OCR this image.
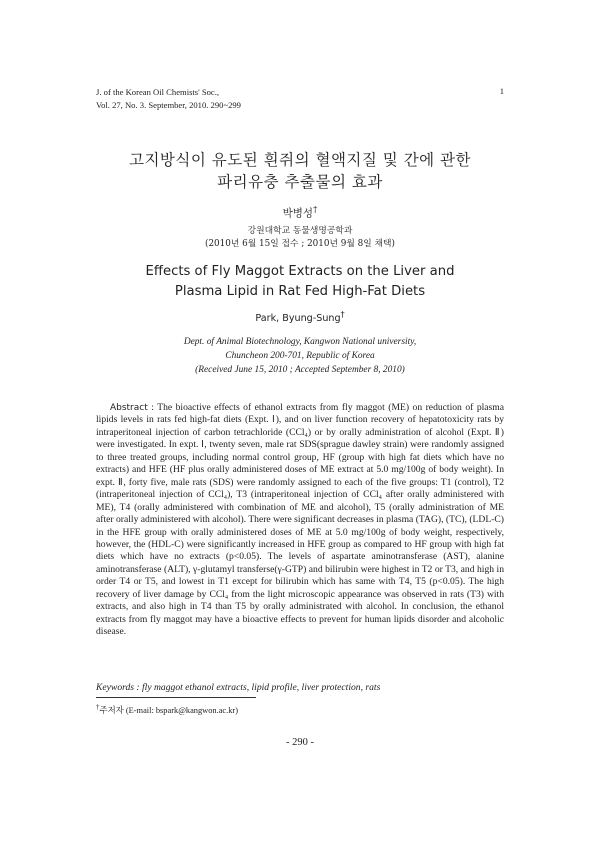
J. of the Korean Oil Chemists' Soc.,
Vol. 27, No. 3. September, 2010. 290~299
1
고지방식이 유도된 흰쥐의 혈액지질 및 간에 관한
파리유충 추출물의 효과
박병성†
강원대학교 동물생명공학과
(2010년 6월 15일 접수 ; 2010년 9월 8일 채택)
Effects of Fly Maggot Extracts on the Liver and
Plasma Lipid in Rat Fed High-Fat Diets
Park, Byung-Sung†
Dept. of Animal Biotechnology, Kangwon National university,
Chuncheon 200-701, Republic of Korea
(Received June 15, 2010 ; Accepted September 8, 2010)
Abstract : The bioactive effects of ethanol extracts from fly maggot (ME) on reduction of plasma lipids levels in rats fed high-fat diets (Expt. Ⅰ), and on liver function recovery of hepatotoxicity rats by intraperitoneal injection of carbon tetrachloride (CCl₄) or by orally administration of alcohol (Expt. Ⅱ) were investigated. In expt. Ⅰ, twenty seven, male rat SDS(sprague dawley strain) were randomly assigned to three treated groups, including normal control group, HF (group with high fat diets which have no extracts) and HFE (HF plus orally administered doses of ME extract at 5.0 mg/100g of body weight). In expt. Ⅱ, forty five, male rats (SDS) were randomly assigned to each of the five groups: T1 (control), T2 (intraperitoneal injection of CCl₄), T3 (intraperitoneal injection of CCl₄ after orally administered with ME), T4 (orally administered with combination of ME and alcohol), T5 (orally administration of ME after orally administered with alcohol). There were significant decreases in plasma (TAG), (TC), (LDL-C) in the HFE group with orally administered doses of ME at 5.0 mg/100g of body weight, respectively, however, the (HDL-C) were significantly increased in HFE group as compared to HF group with high fat diets which have no extracts (p<0.05). The levels of aspartate aminotransferase (AST), alanine aminotransferase (ALT), γ-glutamyl transferse(γ-GTP) and bilirubin were highest in T2 or T3, and high in order T4 or T5, and lowest in T1 except for bilirubin which has same with T4, T5 (p<0.05). The high recovery of liver damage by CCl₄ from the light microscopic appearance was observed in rats (T3) with extracts, and also high in T4 than T5 by orally administrated with alcohol. In conclusion, the ethanol extracts from fly maggot may have a bioactive effects to prevent for human lipids disorder and alcoholic disease.
Keywords : fly maggot ethanol extracts, lipid profile, liver protection, rats
†주저자 (E-mail: bspark@kangwon.ac.kr)
- 290 -
